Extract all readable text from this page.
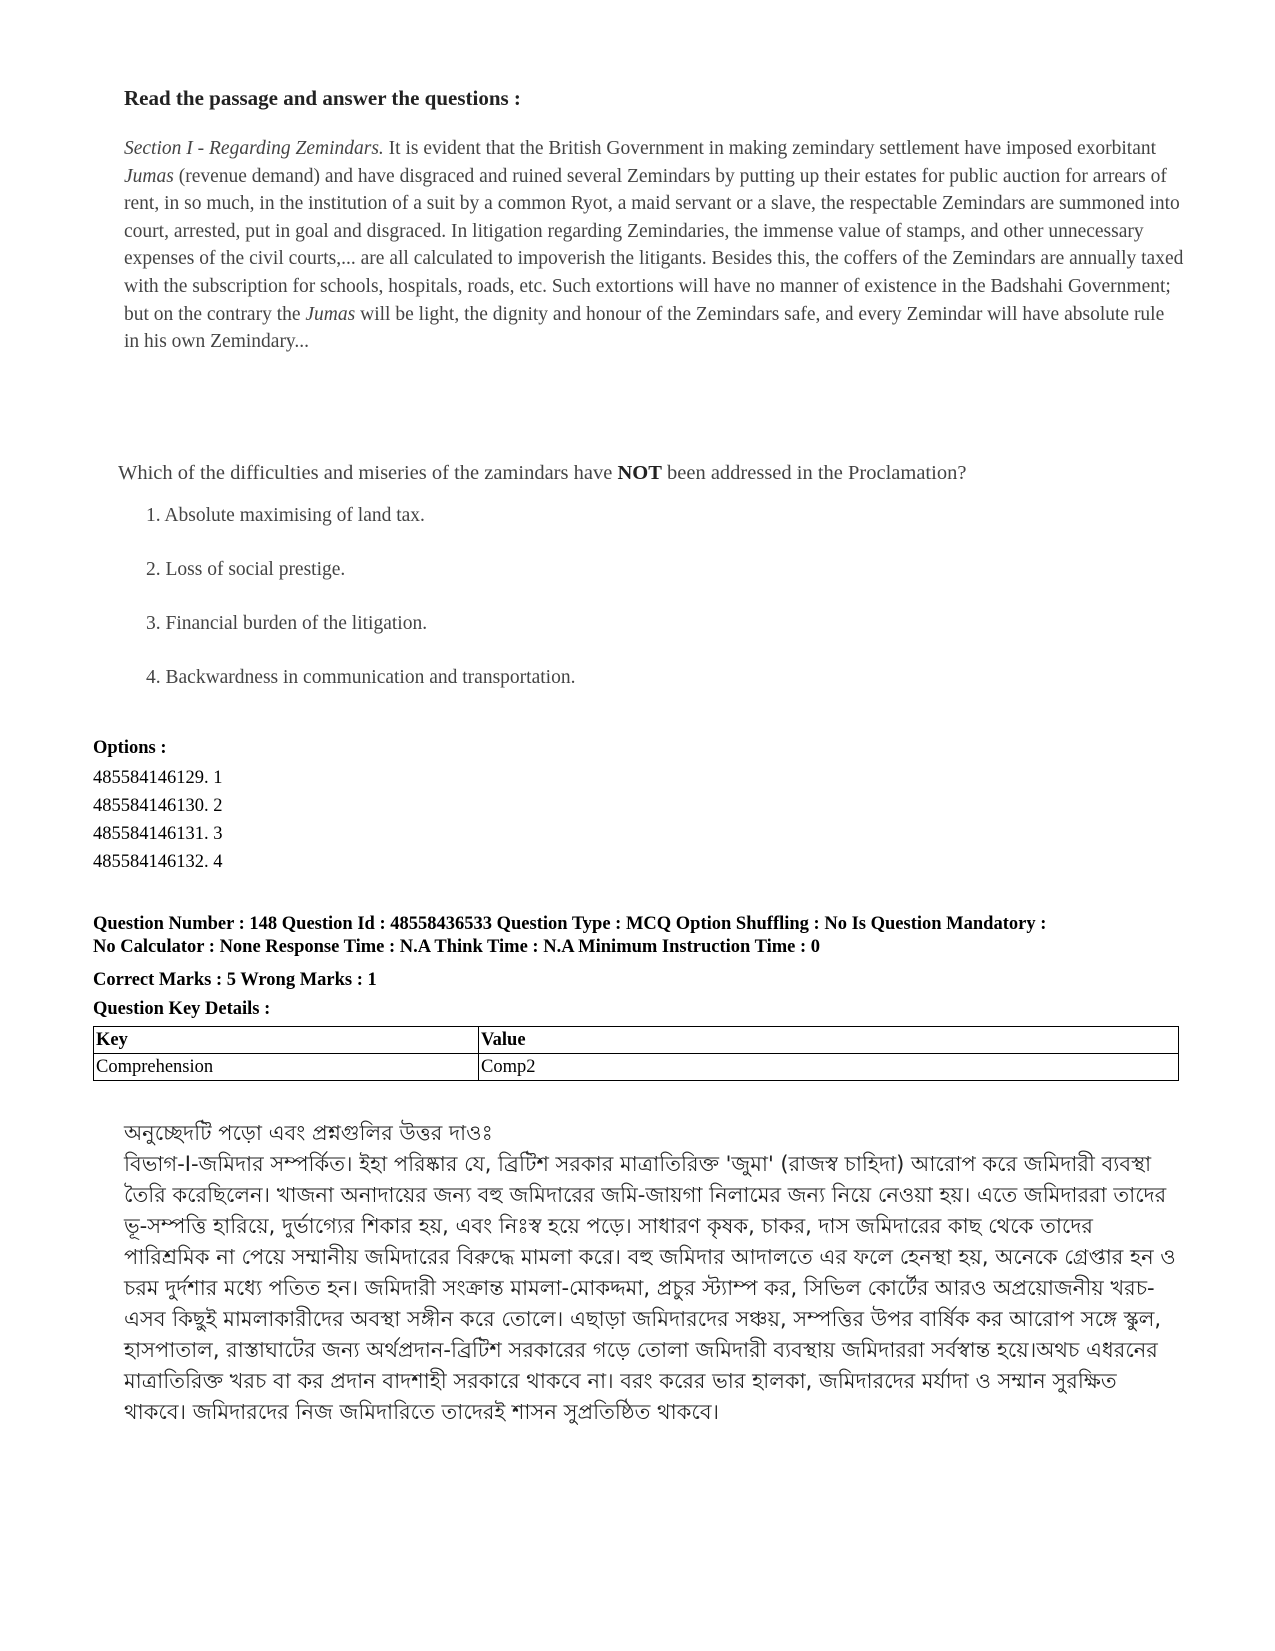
Read the passage and answer the questions :

Section I - Regarding Zemindars. It is evident that the British Government in making zemindary settlement have imposed exorbitant Jumas (revenue demand) and have disgraced and ruined several Zemindars by putting up their estates for public auction for arrears of rent, in so much, in the institution of a suit by a common Ryot, a maid servant or a slave, the respectable Zemindars are summoned into court, arrested, put in goal and disgraced. In litigation regarding Zemindaries, the immense value of stamps, and other unnecessary expenses of the civil courts,... are all calculated to impoverish the litigants. Besides this, the coffers of the Zemindars are annually taxed with the subscription for schools, hospitals, roads, etc. Such extortions will have no manner of existence in the Badshahi Government; but on the contrary the Jumas will be light, the dignity and honour of the Zemindars safe, and every Zemindar will have absolute rule in his own Zemindary...

Which of the difficulties and miseries of the zamindars have NOT been addressed in the Proclamation?

1. Absolute maximising of land tax.
2. Loss of social prestige.
3. Financial burden of the litigation.
4. Backwardness in communication and transportation.
Options :
485584146129. 1
485584146130. 2
485584146131. 3
485584146132. 4
Question Number : 148 Question Id : 48558436533 Question Type : MCQ Option Shuffling : No Is Question Mandatory :
No Calculator : None Response Time : N.A Think Time : N.A Minimum Instruction Time : 0
Correct Marks : 5 Wrong Marks : 1
Question Key Details :
Key	Value
Comprehension	Comp2

অনুচ্ছেদটি পড়ো এবং প্রশ্নগুলির উত্তর দাওঃ

বিভাগ-I-জমিদার সম্পর্কিত। ইহা পরিষ্কার যে, ব্রিটিশ সরকার মাত্রাতিরিক্ত 'জুমা' (রাজস্ব চাহিদা) আরোপ করে জমিদারী ব্যবস্থা তৈরি করেছিলেন। খাজনা অনাদায়ের জন্য বহু জমিদারের জমি-জায়গা নিলামের জন্য নিয়ে নেওয়া হয়। এতে জমিদাররা তাদের ভূ-সম্পত্তি হারিয়ে, দুর্ভাগ্যের শিকার হয়, এবং নিঃস্ব হয়ে পড়ে। সাধারণ কৃষক, চাকর, দাস জমিদারের কাছ থেকে তাদের পারিশ্রমিক না পেয়ে সম্মানীয় জমিদারের বিরুদ্ধে মামলা করে। বহু জমিদার আদালতে এর ফলে হেনস্থা হয়, অনেকে গ্রেপ্তার হন ও চরম দুর্দশার মধ্যে পতিত হন। জমিদারী সংক্রান্ত মামলা-মোকদ্দমা, প্রচুর স্ট্যাম্প কর, সিভিল কোর্টের আরও অপ্রয়োজনীয় খরচ-এসব কিছুই মামলাকারীদের অবস্থা সঙ্গীন করে তোলে। এছাড়া জমিদারদের সঞ্চয়, সম্পত্তির উপর বার্ষিক কর আরোপ সঙ্গে স্কুল, হাসপাতাল, রাস্তাঘাটের জন্য অর্থপ্রদান-ব্রিটিশ সরকারের গড়ে তোলা জমিদারী ব্যবস্থায় জমিদাররা সর্বস্বান্ত হয়ে।অথচ এধরনের মাত্রাতিরিক্ত খরচ বা কর প্রদান বাদশাহী সরকারে থাকবে না। বরং করের ভার হালকা, জমিদারদের মর্যাদা ও সম্মান সুরক্ষিত থাকবে। জমিদারদের নিজ জমিদারিতে তাদেরই শাসন সুপ্রতিষ্ঠিত থাকবে।
